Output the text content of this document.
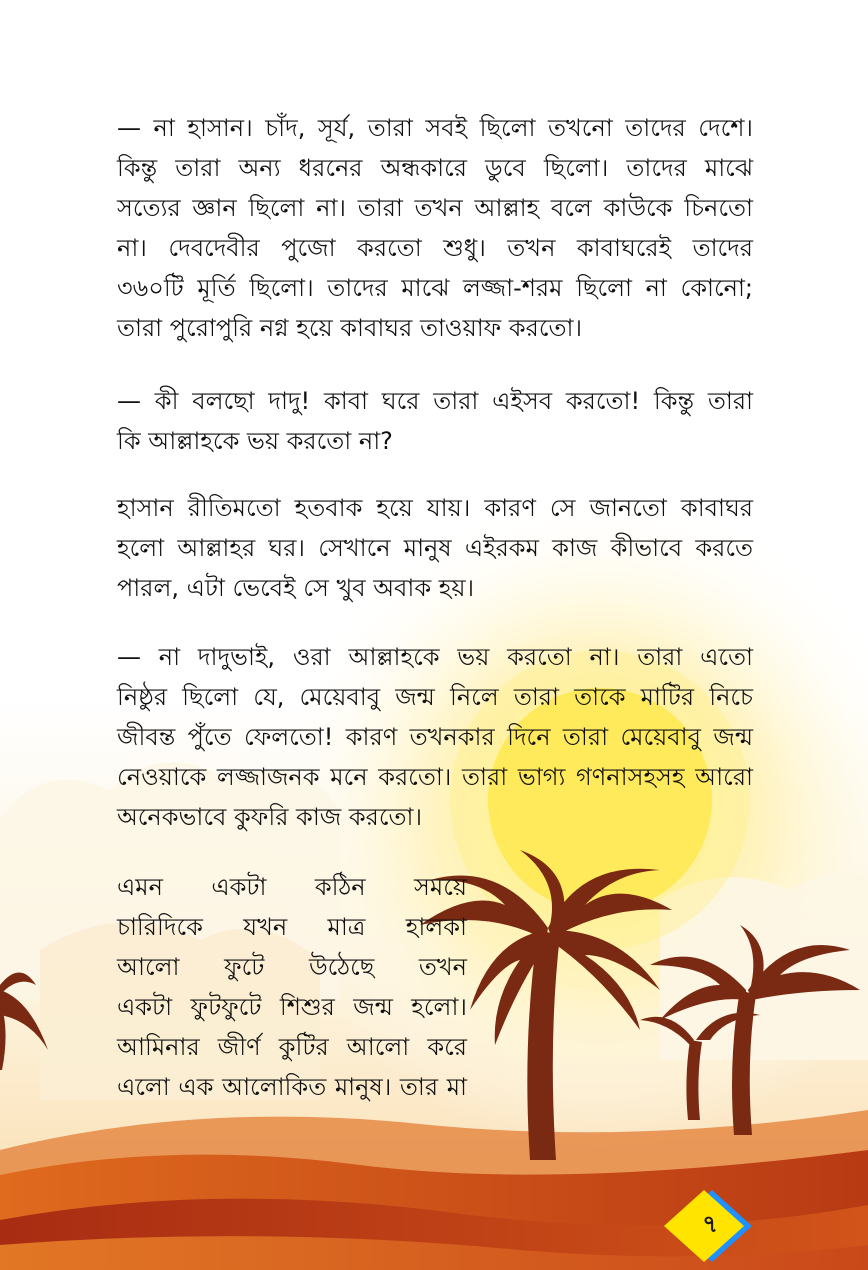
— না হাসান। চাঁদ, সূর্য, তারা সবই ছিলো তখনো তাদের দেশে।
কিন্তু তারা অন্য ধরনের অন্ধকারে ডুবে ছিলো। তাদের মাঝে
সত্যের জ্ঞান ছিলো না। তারা তখন আল্লাহ বলে কাউকে চিনতো
না। দেবদেবীর পুজো করতো শুধু। তখন কাবাঘরেই তাদের
৩৬০টি মূর্তি ছিলো। তাদের মাঝে লজ্জা-শরম ছিলো না কোনো;
তারা পুরোপুরি নগ্ন হয়ে কাবাঘর তাওয়াফ করতো।
— কী বলছো দাদু! কাবা ঘরে তারা এইসব করতো! কিন্তু তারা
কি আল্লাহকে ভয় করতো না?
হাসান রীতিমতো হতবাক হয়ে যায়। কারণ সে জানতো কাবাঘর
হলো আল্লাহর ঘর। সেখানে মানুষ এইরকম কাজ কীভাবে করতে
পারল, এটা ভেবেই সে খুব অবাক হয়।
— না দাদুভাই, ওরা আল্লাহকে ভয় করতো না। তারা এতো
নিষ্ঠুর ছিলো যে, মেয়েবাবু জন্ম নিলে তারা তাকে মাটির নিচে
জীবন্ত পুঁতে ফেলতো! কারণ তখনকার দিনে তারা মেয়েবাবু জন্ম
নেওয়াকে লজ্জাজনক মনে করতো। তারা ভাগ্য গণনাসহসহ আরো
অনেকভাবে কুফরি কাজ করতো।
এমন একটা কঠিন সময়ে
চারিদিকে যখন মাত্র হালকা
আলো ফুটে উঠেছে তখন
একটা ফুটফুটে শিশুর জন্ম হলো।
আমিনার জীর্ণ কুটির আলো করে
এলো এক আলোকিত মানুষ। তার মা
৭
